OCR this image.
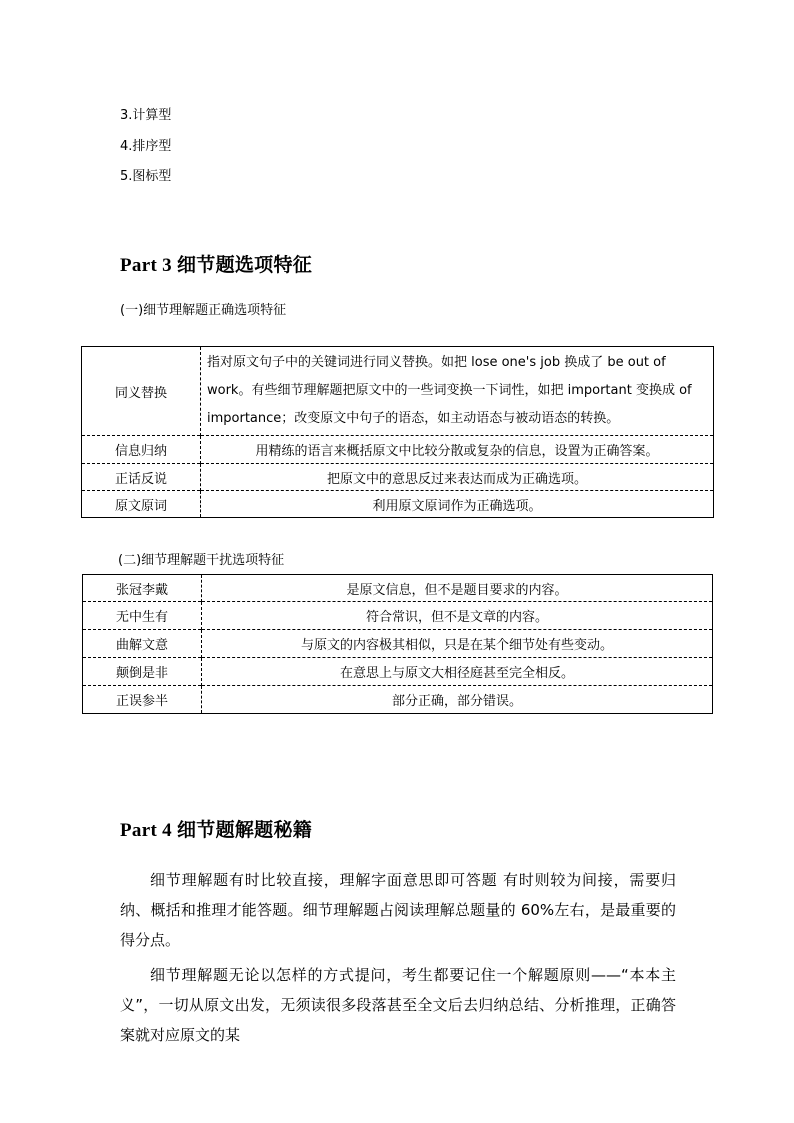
3.计算型
4.排序型
5.图标型
Part 3 细节题选项特征
(一)细节理解题正确选项特征
同义替换	指对原文句子中的关键词进行同义替换。如把 lose one's job 换成了 be out of work。有些细节理解题把原文中的一些词变换一下词性，如把 important 变换成 of importance；改变原文中句子的语态，如主动语态与被动语态的转换。
信息归纳	用精练的语言来概括原文中比较分散或复杂的信息，设置为正确答案。
正话反说	把原文中的意思反过来表达而成为正确选项。
原文原词	利用原文原词作为正确选项。
(二)细节理解题干扰选项特征
张冠李戴	是原文信息，但不是题目要求的内容。
无中生有	符合常识，但不是文章的内容。
曲解文意	与原文的内容极其相似，只是在某个细节处有些变动。
颠倒是非	在意思上与原文大相径庭甚至完全相反。
正误参半	部分正确，部分错误。
Part 4 细节题解题秘籍
细节理解题有时比较直接，理解字面意思即可答题 有时则较为间接，需要归纳、概括和推理才能答题。细节理解题占阅读理解总题量的 60%左右，是最重要的得分点。
细节理解题无论以怎样的方式提问，考生都要记住一个解题原则——“本本主义”，一切从原文出发，无须读很多段落甚至全文后去归纳总结、分析推理，正确答案就对应原文的某
